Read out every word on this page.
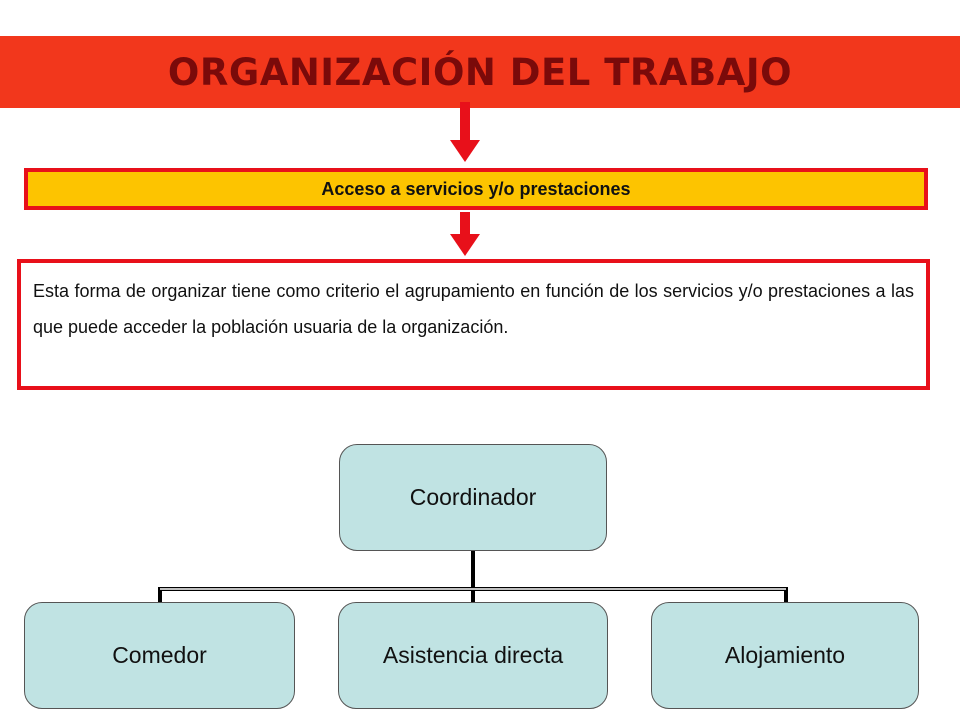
ORGANIZACIÓN DEL TRABAJO
Acceso a servicios y/o prestaciones

Esta forma de organizar tiene como criterio el agrupamiento en función de los servicios y/o prestaciones a las que puede acceder la población usuaria de la organización.

Coordinador
Comedor	Asistencia directa	Alojamiento
